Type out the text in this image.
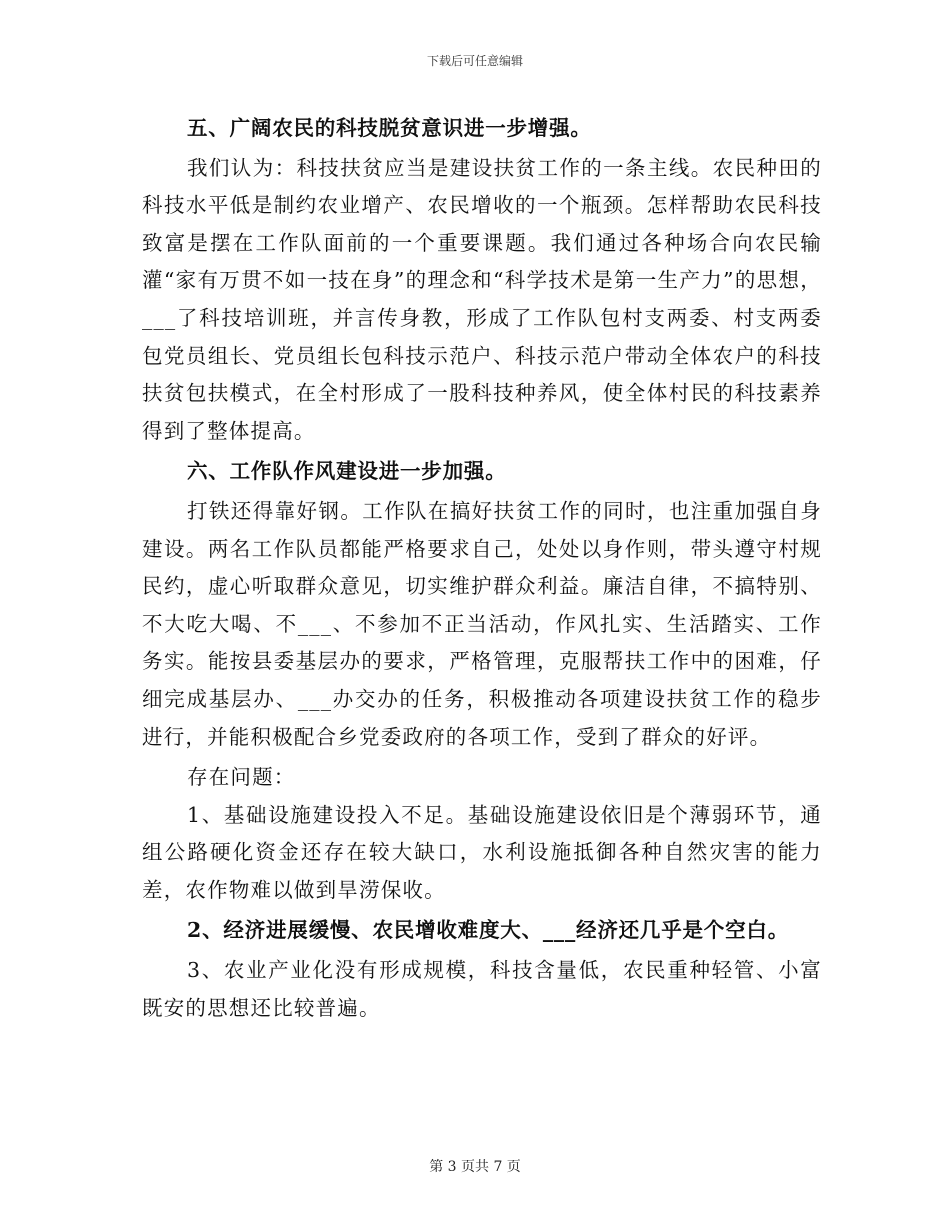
下载后可任意编辑

五、广阔农民的科技脱贫意识进一步增强。

我们认为：科技扶贫应当是建设扶贫工作的一条主线。农民种田的科技水平低是制约农业增产、农民增收的一个瓶颈。怎样帮助农民科技致富是摆在工作队面前的一个重要课题。我们通过各种场合向农民输灌“家有万贯不如一技在身”的理念和“科学技术是第一生产力”的思想，___了科技培训班，并言传身教，形成了工作队包村支两委、村支两委包党员组长、党员组长包科技示范户、科技示范户带动全体农户的科技扶贫包扶模式，在全村形成了一股科技种养风，使全体村民的科技素养得到了整体提高。

六、工作队作风建设进一步加强。

打铁还得靠好钢。工作队在搞好扶贫工作的同时，也注重加强自身建设。两名工作队员都能严格要求自己，处处以身作则，带头遵守村规民约，虚心听取群众意见，切实维护群众利益。廉洁自律，不搞特别、不大吃大喝、不___、不参加不正当活动，作风扎实、生活踏实、工作务实。能按县委基层办的要求，严格管理，克服帮扶工作中的困难，仔细完成基层办、___办交办的任务，积极推动各项建设扶贫工作的稳步进行，并能积极配合乡党委政府的各项工作，受到了群众的好评。

存在问题：

1、基础设施建设投入不足。基础设施建设依旧是个薄弱环节，通组公路硬化资金还存在较大缺口，水利设施抵御各种自然灾害的能力差，农作物难以做到旱涝保收。

2、经济进展缓慢、农民增收难度大、___经济还几乎是个空白。

3、农业产业化没有形成规模，科技含量低，农民重种轻管、小富既安的思想还比较普遍。

第 3 页共 7 页
